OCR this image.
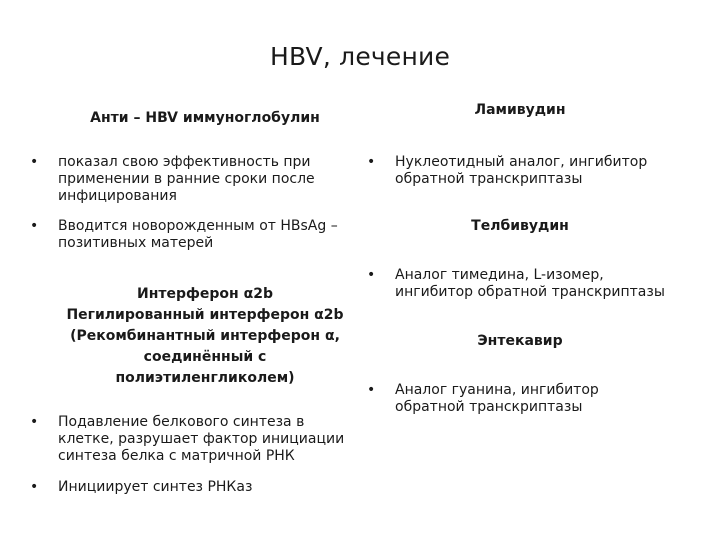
HBV, лечение
Анти – HBV иммуноглобулин
• показал свою эффективность при применении в ранние сроки после инфицирования
• Вводится новорожденным от HBsAg – позитивных матерей
Интерферон α2b
Пегилированный интерферон α2b
(Рекомбинантный интерферон α,
соединённый с
полиэтиленгликолем)
• Подавление белкового синтеза в клетке, разрушает фактор инициации синтеза белка с матричной РНК
• Инициирует синтез РНКаз
Ламивудин
• Нуклеотидный аналог, ингибитор обратной транскриптазы
Телбивудин
• Аналог тимедина, L-изомер, ингибитор обратной транскриптазы
Энтекавир
• Аналог гуанина, ингибитор обратной транскриптазы
